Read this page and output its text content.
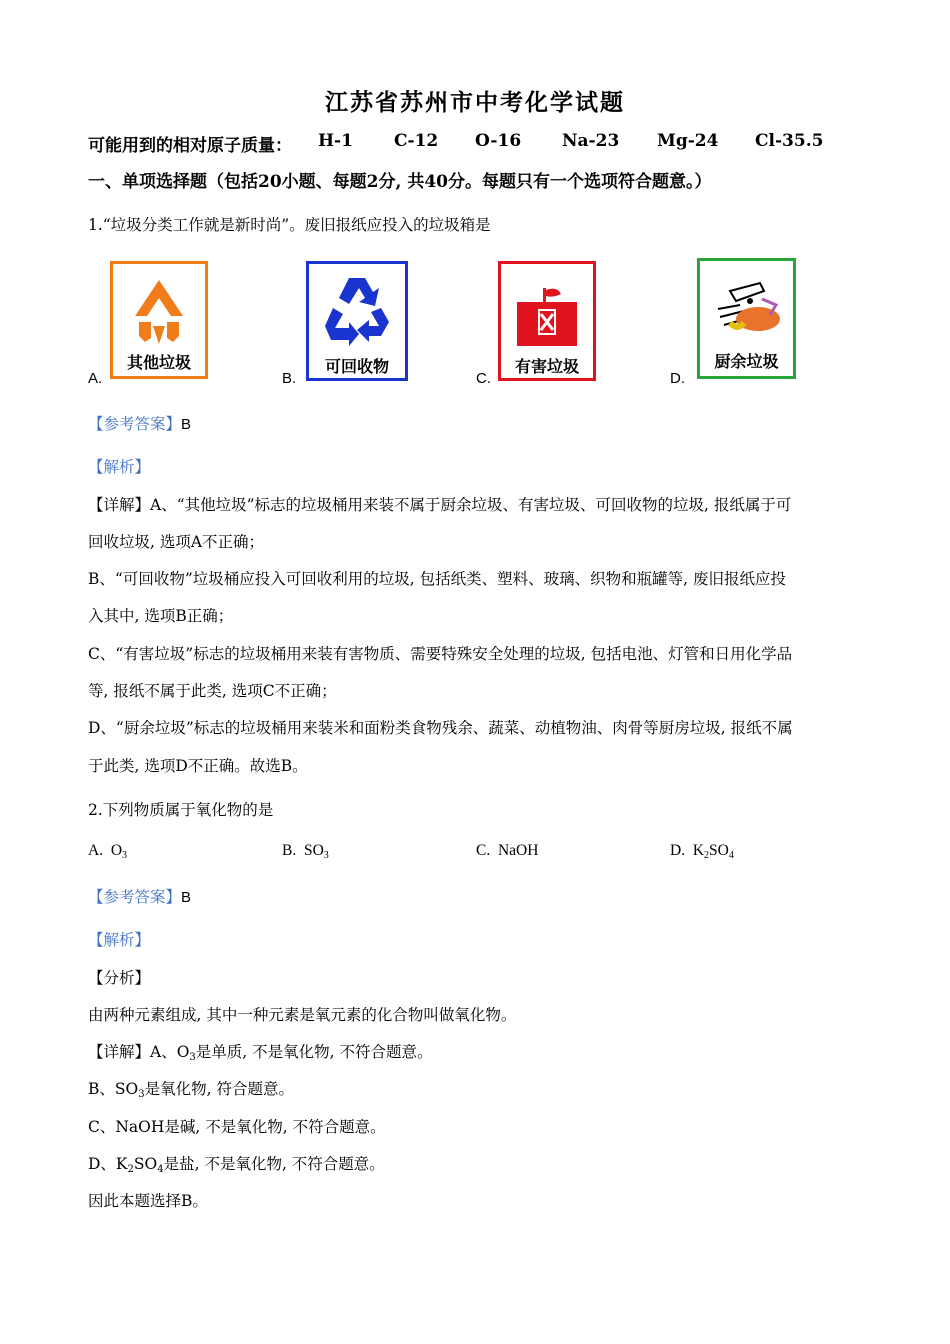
江苏省苏州市中考化学试题
可能用到的相对原子质量： H-1 C-12 O-16 Na-23 Mg-24 Cl-35.5
一、单项选择题（包括20小题、每题2分, 共40分。每题只有一个选项符合题意。）
1.“垃圾分类工作就是新时尚”。废旧报纸应投入的垃圾箱是
A.
其他垃圾
B.
可回收物
C.
有害垃圾
D.
厨余垃圾
【参考答案】B
【解析】
【详解】A、“其他垃圾”标志的垃圾桶用来装不属于厨余垃圾、有害垃圾、可回收物的垃圾, 报纸属于可
回收垃圾, 选项A不正确；
B、“可回收物”垃圾桶应投入可回收利用的垃圾, 包括纸类、塑料、玻璃、织物和瓶罐等, 废旧报纸应投
入其中, 选项B正确；
C、“有害垃圾”标志的垃圾桶用来装有害物质、需要特殊安全处理的垃圾, 包括电池、灯管和日用化学品
等, 报纸不属于此类, 选项C不正确；
D、“厨余垃圾”标志的垃圾桶用来装米和面粉类食物残余、蔬菜、动植物油、肉骨等厨房垃圾, 报纸不属
于此类, 选项D不正确。故选B。
2.下列物质属于氧化物的是
A. $O_3$	B. $SO_3$	C. NaOH	D. $K_2SO_4$
【参考答案】B
【解析】
【分析】
由两种元素组成, 其中一种元素是氧元素的化合物叫做氧化物。
【详解】A、$O_3$是单质, 不是氧化物, 不符合题意。
B、$SO_3$是氧化物, 符合题意。
C、NaOH是碱, 不是氧化物, 不符合题意。
D、$K_2SO_4$是盐, 不是氧化物, 不符合题意。
因此本题选择B。
